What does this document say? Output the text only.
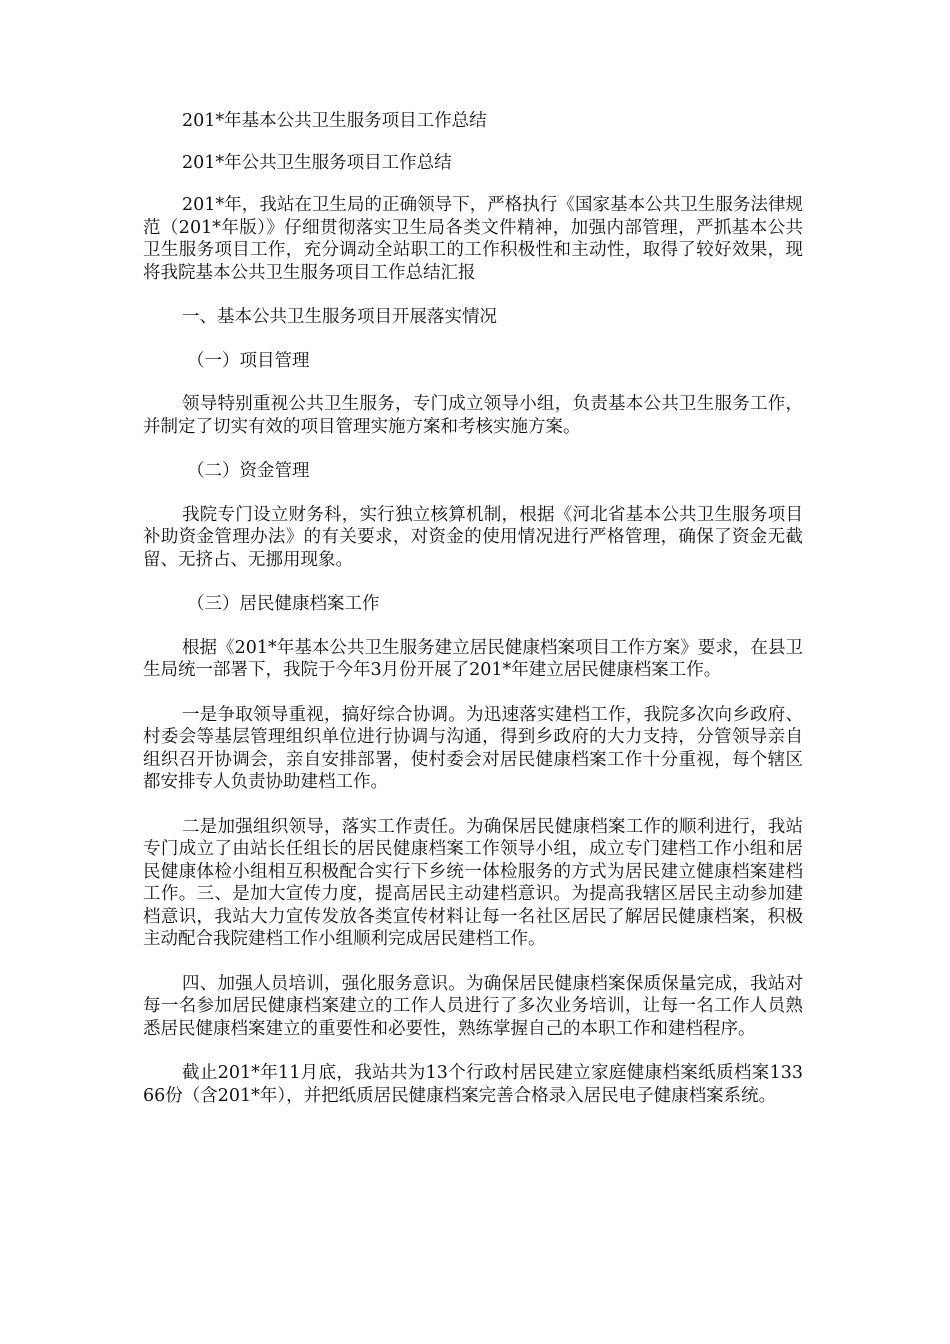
201*年基本公共卫生服务项目工作总结

201*年公共卫生服务项目工作总结

201*年，我站在卫生局的正确领导下，严格执行《国家基本公共卫生服务法律规范（201*年版）》仔细贯彻落实卫生局各类文件精神，加强内部管理，严抓基本公共卫生服务项目工作，充分调动全站职工的工作积极性和主动性，取得了较好效果，现将我院基本公共卫生服务项目工作总结汇报

一、基本公共卫生服务项目开展落实情况

（一）项目管理

领导特别重视公共卫生服务，专门成立领导小组，负责基本公共卫生服务工作，并制定了切实有效的项目管理实施方案和考核实施方案。

（二）资金管理

我院专门设立财务科，实行独立核算机制，根据《河北省基本公共卫生服务项目补助资金管理办法》的有关要求，对资金的使用情况进行严格管理，确保了资金无截留、无挤占、无挪用现象。

（三）居民健康档案工作

根据《201*年基本公共卫生服务建立居民健康档案项目工作方案》要求，在县卫生局统一部署下，我院于今年3月份开展了201*年建立居民健康档案工作。

一是争取领导重视，搞好综合协调。为迅速落实建档工作，我院多次向乡政府、村委会等基层管理组织单位进行协调与沟通，得到乡政府的大力支持，分管领导亲自组织召开协调会，亲自安排部署，使村委会对居民健康档案工作十分重视，每个辖区都安排专人负责协助建档工作。

二是加强组织领导，落实工作责任。为确保居民健康档案工作的顺利进行，我站专门成立了由站长任组长的居民健康档案工作领导小组，成立专门建档工作小组和居民健康体检小组相互积极配合实行下乡统一体检服务的方式为居民建立健康档案建档工作。三、是加大宣传力度，提高居民主动建档意识。为提高我辖区居民主动参加建档意识，我站大力宣传发放各类宣传材料让每一名社区居民了解居民健康档案，积极主动配合我院建档工作小组顺利完成居民建档工作。

四、加强人员培训，强化服务意识。为确保居民健康档案保质保量完成，我站对每一名参加居民健康档案建立的工作人员进行了多次业务培训，让每一名工作人员熟悉居民健康档案建立的重要性和必要性，熟练掌握自己的本职工作和建档程序。

截止201*年11月底，我站共为13个行政村居民建立家庭健康档案纸质档案13366份（含201*年），并把纸质居民健康档案完善合格录入居民电子健康档案系统。
